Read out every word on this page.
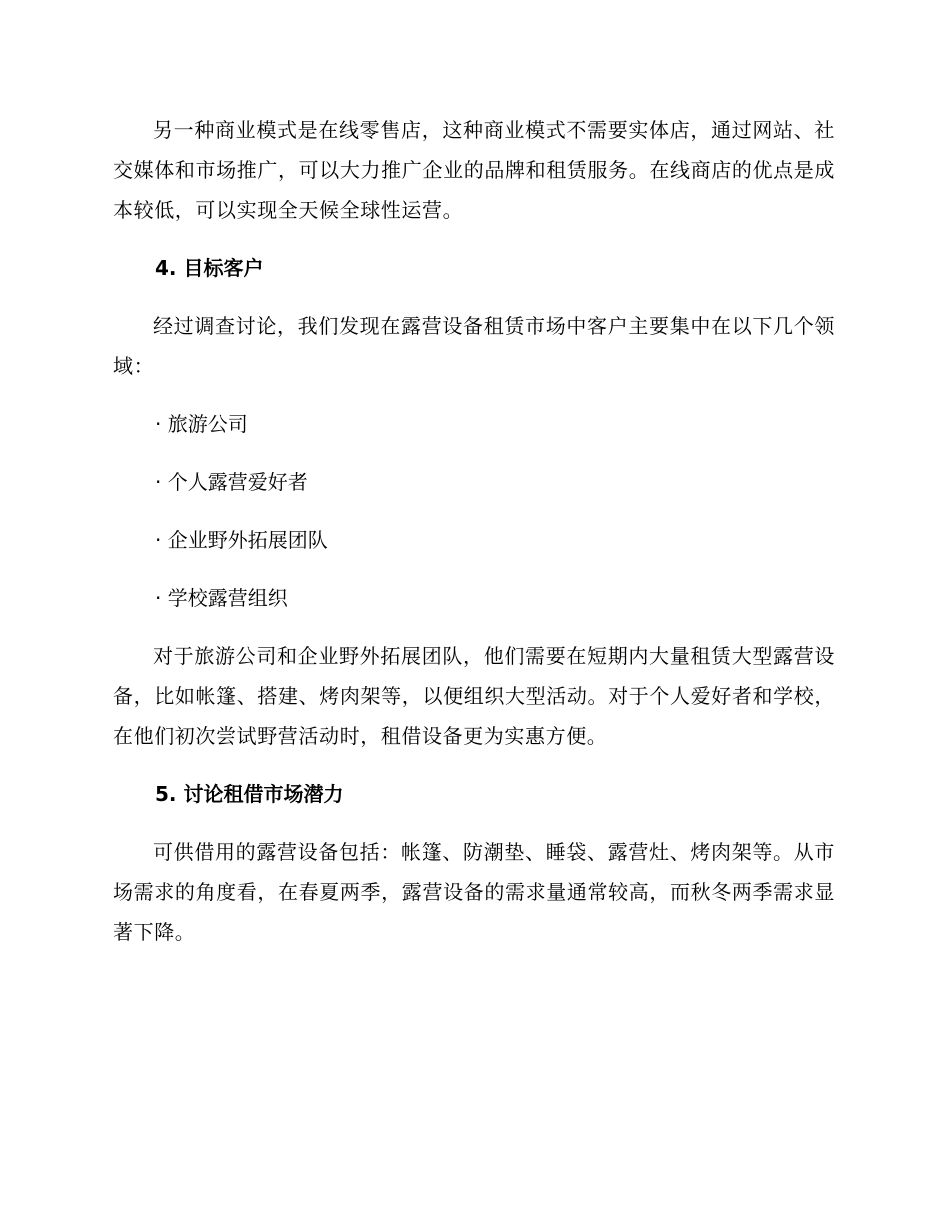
另一种商业模式是在线零售店，这种商业模式不需要实体店，通过网站、社交媒体和市场推广，可以大力推广企业的品牌和租赁服务。在线商店的优点是成本较低，可以实现全天候全球性运营。

4. 目标客户

经过调查讨论，我们发现在露营设备租赁市场中客户主要集中在以下几个领域：

· 旅游公司

· 个人露营爱好者

· 企业野外拓展团队

· 学校露营组织

对于旅游公司和企业野外拓展团队，他们需要在短期内大量租赁大型露营设备，比如帐篷、搭建、烤肉架等，以便组织大型活动。对于个人爱好者和学校，在他们初次尝试野营活动时，租借设备更为实惠方便。

5. 讨论租借市场潜力

可供借用的露营设备包括：帐篷、防潮垫、睡袋、露营灶、烤肉架等。从市场需求的角度看，在春夏两季，露营设备的需求量通常较高，而秋冬两季需求显著下降。
